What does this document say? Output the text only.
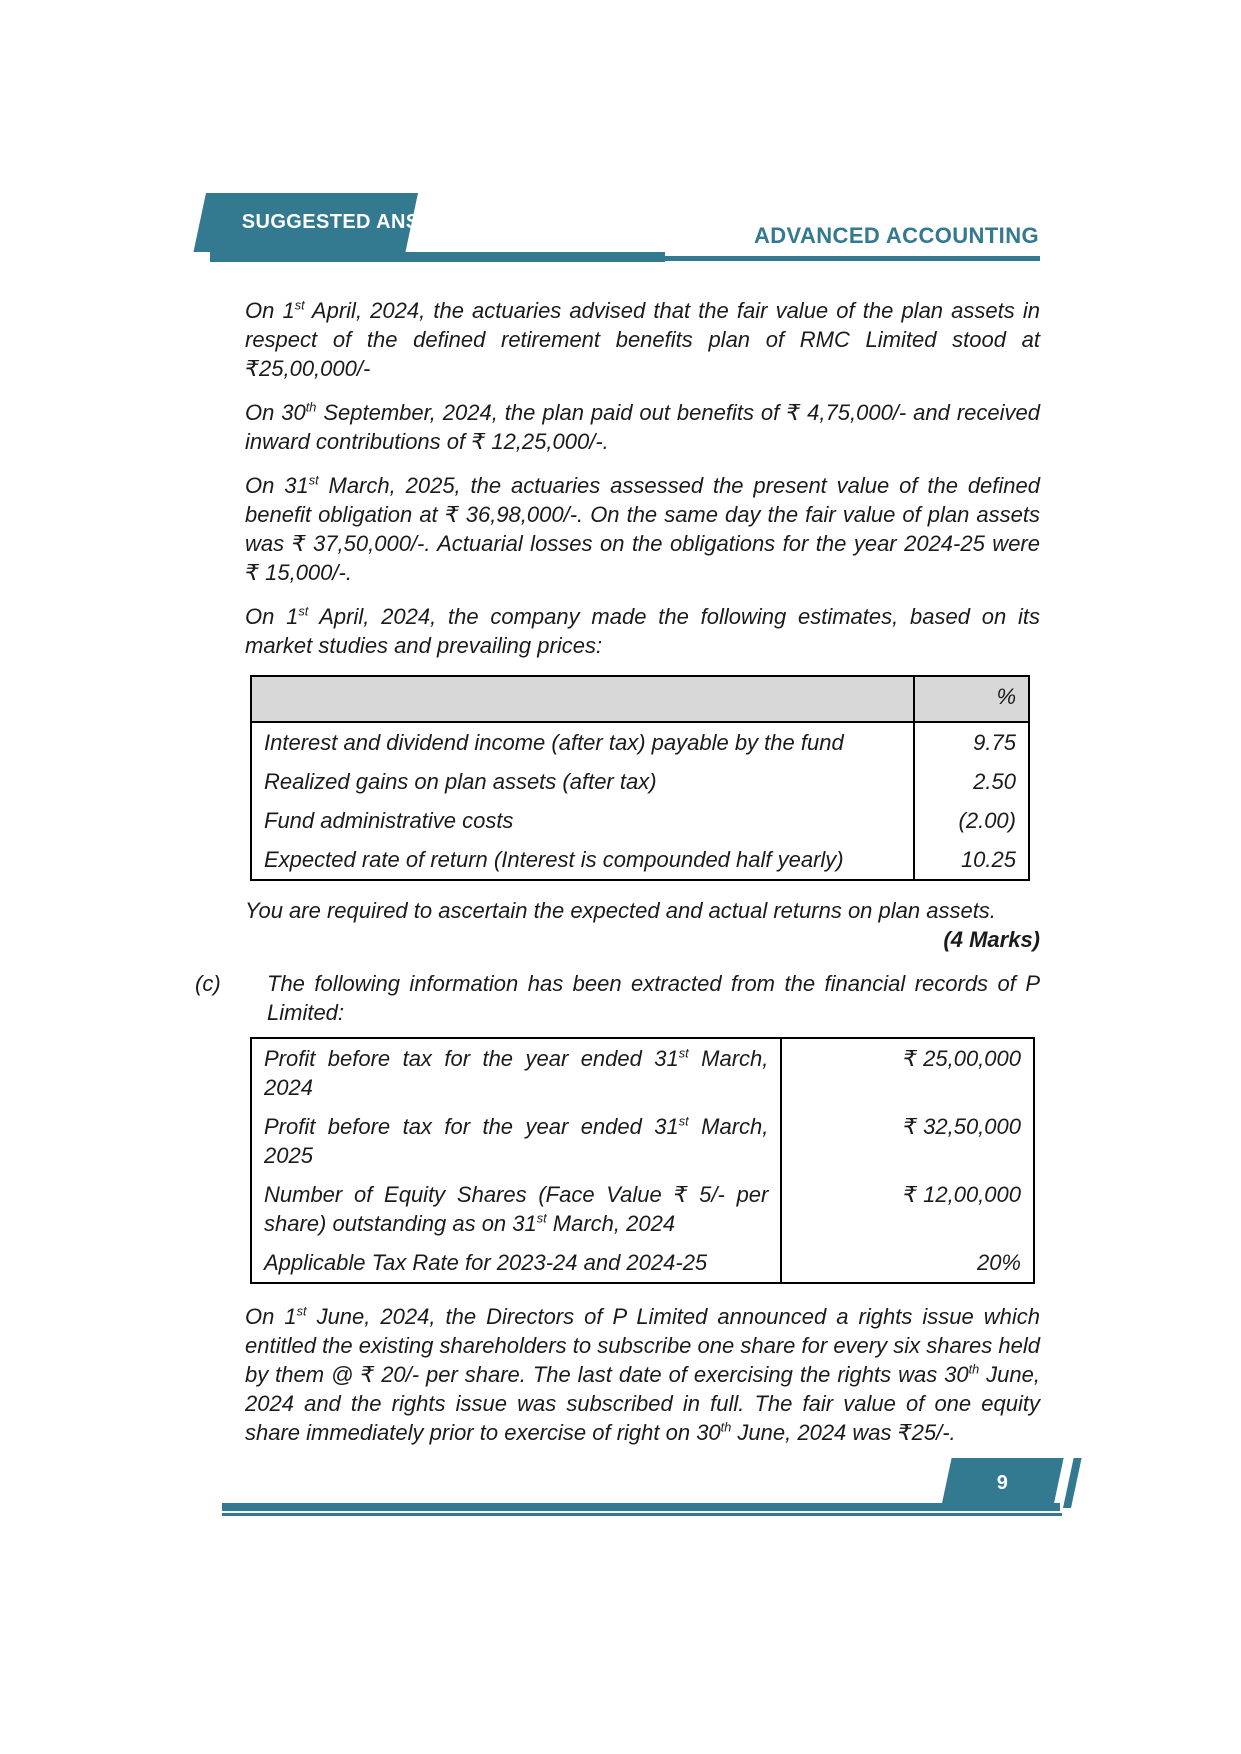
SUGGESTED ANSWERS
ADVANCED ACCOUNTING

On 1st April, 2024, the actuaries advised that the fair value of the plan assets in respect of the defined retirement benefits plan of RMC Limited stood at ₹25,00,000/-

On 30th September, 2024, the plan paid out benefits of ₹ 4,75,000/- and received inward contributions of ₹ 12,25,000/-.

On 31st March, 2025, the actuaries assessed the present value of the defined benefit obligation at ₹ 36,98,000/-. On the same day the fair value of plan assets was ₹ 37,50,000/-. Actuarial losses on the obligations for the year 2024-25 were ₹ 15,000/-.

On 1st April, 2024, the company made the following estimates, based on its market studies and prevailing prices:

	%
Interest and dividend income (after tax) payable by the fund	9.75
Realized gains on plan assets (after tax)	2.50
Fund administrative costs	(2.00)
Expected rate of return (Interest is compounded half yearly)	10.25

You are required to ascertain the expected and actual returns on plan assets.

(4 Marks)

(c)	The following information has been extracted from the financial records of P Limited:

Profit before tax for the year ended 31st March, 2024	₹ 25,00,000
Profit before tax for the year ended 31st March, 2025	₹ 32,50,000
Number of Equity Shares (Face Value ₹ 5/- per share) outstanding as on 31st March, 2024	₹ 12,00,000
Applicable Tax Rate for 2023-24 and 2024-25	20%

On 1st June, 2024, the Directors of P Limited announced a rights issue which entitled the existing shareholders to subscribe one share for every six shares held by them @ ₹ 20/- per share. The last date of exercising the rights was 30th June, 2024 and the rights issue was subscribed in full. The fair value of one equity share immediately prior to exercise of right on 30th June, 2024 was ₹25/-.

9
